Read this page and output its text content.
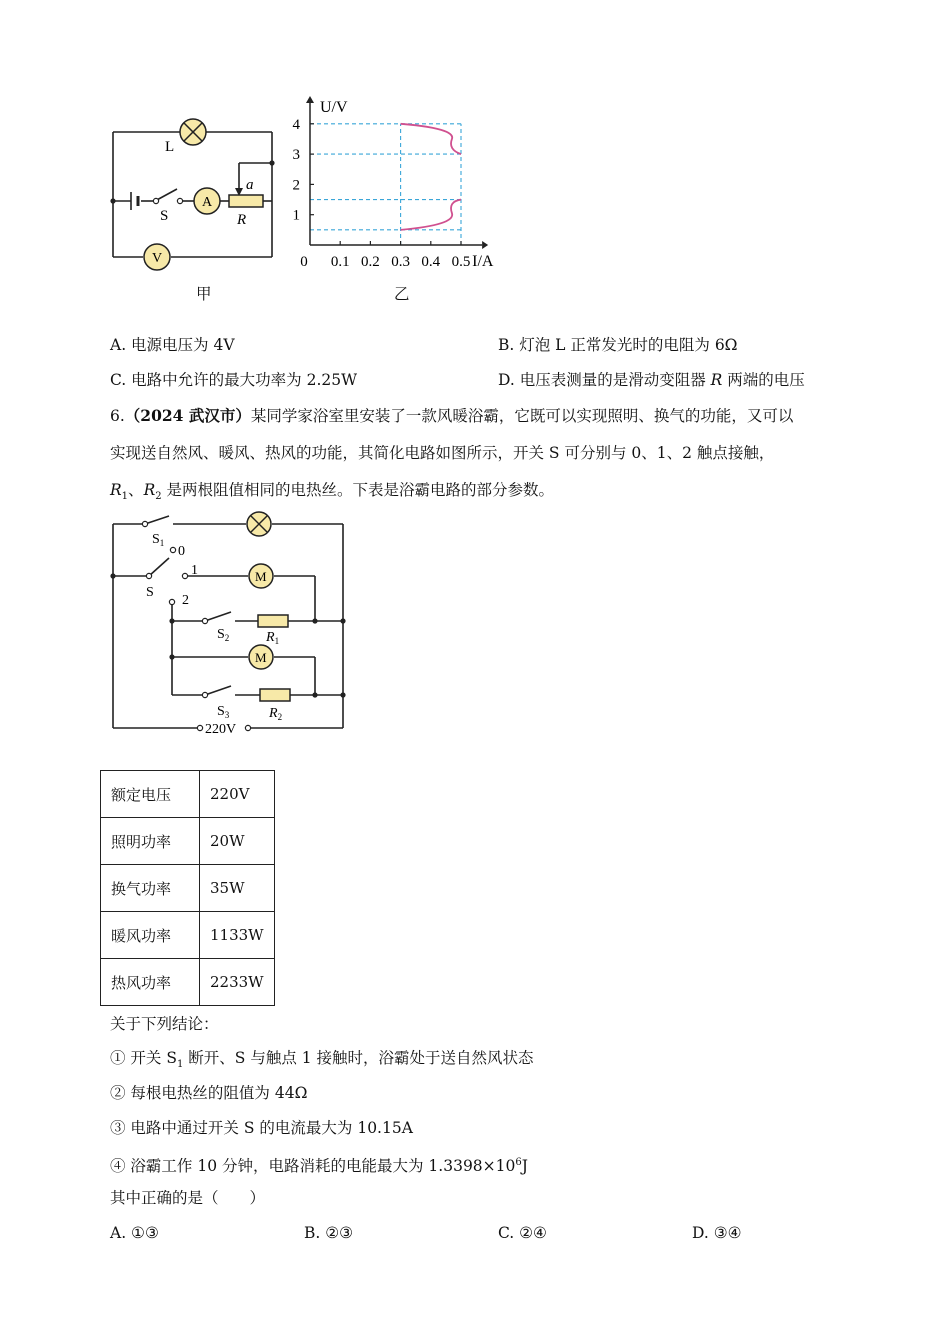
L
S
A
R
a
V
甲
0.1 0.2 0.3 0.4 0.5
1
2
3
4
0
U/V
I/A
乙
A. 电源电压为 4V	B. 灯泡 L 正常发光时的电阻为 6Ω
C. 电路中允许的最大功率为 2.25W	D. 电压表测量的是滑动变阻器 R 两端的电压
6.（2024 武汉市）某同学家浴室里安装了一款风暖浴霸，它既可以实现照明、换气的功能，又可以
实现送自然风、暖风、热风的功能，其简化电路如图所示，开关 S 可分别与 0、1、2 触点接触，
$R_1$、$R_2$ 是两根阻值相同的电热丝。下表是浴霸电路的部分参数。
$S_1$
0
S
1
2
$S_2$	$R_1$
M
M
$S_3$	$R_2$
220V
额定电压	220V
照明功率	20W
换气功率	35W
暖风功率	1133W
热风功率	2233W
关于下列结论：
① 开关 $S_1$ 断开、S 与触点 1 接触时，浴霸处于送自然风状态
② 每根电热丝的阻值为 44Ω
③ 电路中通过开关 S 的电流最大为 10.15A
④ 浴霸工作 10 分钟，电路消耗的电能最大为 $1.3398\times 10^6J$
其中正确的是（　　）
A. ①③	B. ②③	C. ②④	D. ③④
